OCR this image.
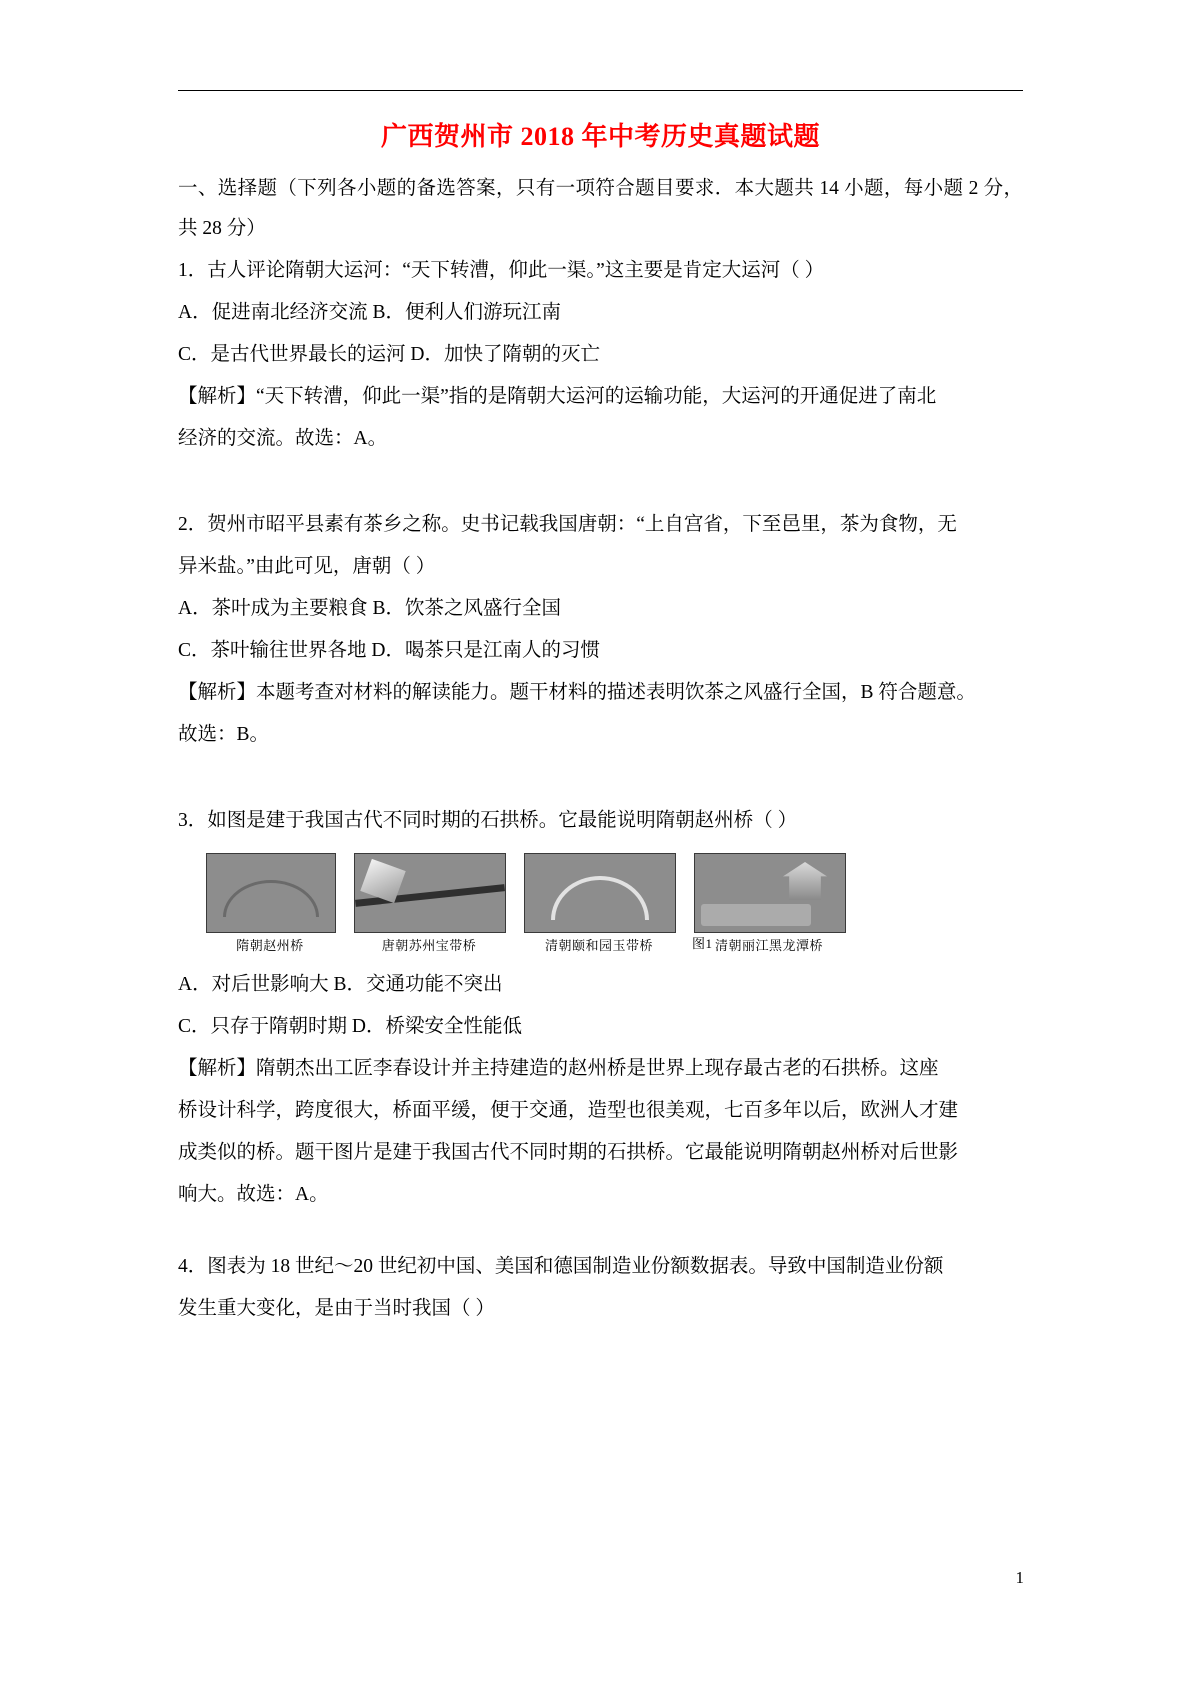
广西贺州市 2018 年中考历史真题试题

一、选择题（下列各小题的备选答案，只有一项符合题目要求．本大题共 14 小题，每小题 2 分，共 28 分）

1．古人评论隋朝大运河：“天下转漕，仰此一渠。”这主要是肯定大运河（ ）

A．促进南北经济交流 B．便利人们游玩江南

C．是古代世界最长的运河 D．加快了隋朝的灭亡

【解析】“天下转漕，仰此一渠”指的是隋朝大运河的运输功能，大运河的开通促进了南北

经济的交流。故选：A。

2．贺州市昭平县素有茶乡之称。史书记载我国唐朝：“上自宫省，下至邑里，茶为食物，无

异米盐。”由此可见，唐朝（ ）

A．茶叶成为主要粮食 B．饮茶之风盛行全国

C．茶叶输往世界各地 D．喝茶只是江南人的习惯

【解析】本题考查对材料的解读能力。题干材料的描述表明饮茶之风盛行全国，B 符合题意。

故选：B。

3．如图是建于我国古代不同时期的石拱桥。它最能说明隋朝赵州桥（ ）

隋朝赵州桥	唐朝苏州宝带桥	清朝颐和园玉带桥	清朝丽江黑龙潭桥
图1

A．对后世影响大 B．交通功能不突出

C．只存于隋朝时期 D．桥梁安全性能低

【解析】隋朝杰出工匠李春设计并主持建造的赵州桥是世界上现存最古老的石拱桥。这座

桥设计科学，跨度很大，桥面平缓，便于交通，造型也很美观，七百多年以后，欧洲人才建

成类似的桥。题干图片是建于我国古代不同时期的石拱桥。它最能说明隋朝赵州桥对后世影

响大。故选：A。

4．图表为 18 世纪～20 世纪初中国、美国和德国制造业份额数据表。导致中国制造业份额

发生重大变化，是由于当时我国（ ）

1
